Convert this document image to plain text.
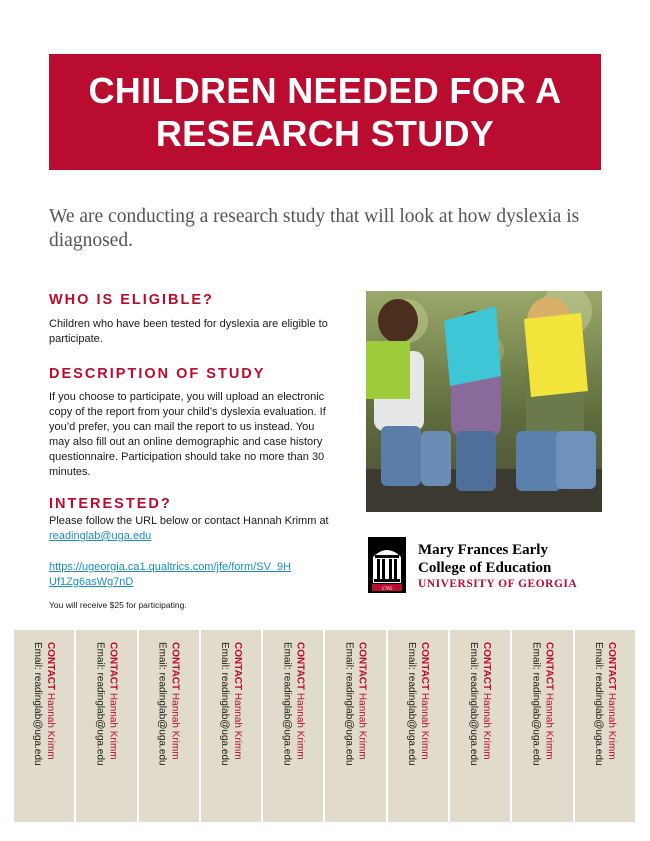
CHILDREN NEEDED FOR A
RESEARCH STUDY

We are conducting a research study that will look at how dyslexia is diagnosed.

WHO IS ELIGIBLE?

Children who have been tested for dyslexia are eligible to participate.

DESCRIPTION OF STUDY

If you choose to participate, you will upload an electronic copy of the report from your child’s dyslexia evaluation. If you’d prefer, you can mail the report to us instead. You may also fill out an online demographic and case history questionnaire. Participation should take no more than 30 minutes.

INTERESTED?

Please follow the URL below or contact Hannah Krimm at readinglab@uga.edu

https://ugeorgia.ca1.qualtrics.com/jfe/form/SV_9H
Uf1Zg6asWg7nD

You will receive $25 for participating.

1785
Mary Frances Early
College of Education
UNIVERSITY OF GEORGIA
CONTACT Hannah Krimm
Email: readinglab@uga.edu	CONTACT Hannah Krimm
Email: readinglab@uga.edu	CONTACT Hannah Krimm
Email: readinglab@uga.edu	CONTACT Hannah Krimm
Email: readinglab@uga.edu	CONTACT Hannah Krimm
Email: readinglab@uga.edu	CONTACT Hannah Krimm
Email: readinglab@uga.edu	CONTACT Hannah Krimm
Email: readinglab@uga.edu	CONTACT Hannah Krimm
Email: readinglab@uga.edu	CONTACT Hannah Krimm
Email: readinglab@uga.edu	CONTACT Hannah Krimm
Email: readinglab@uga.edu
